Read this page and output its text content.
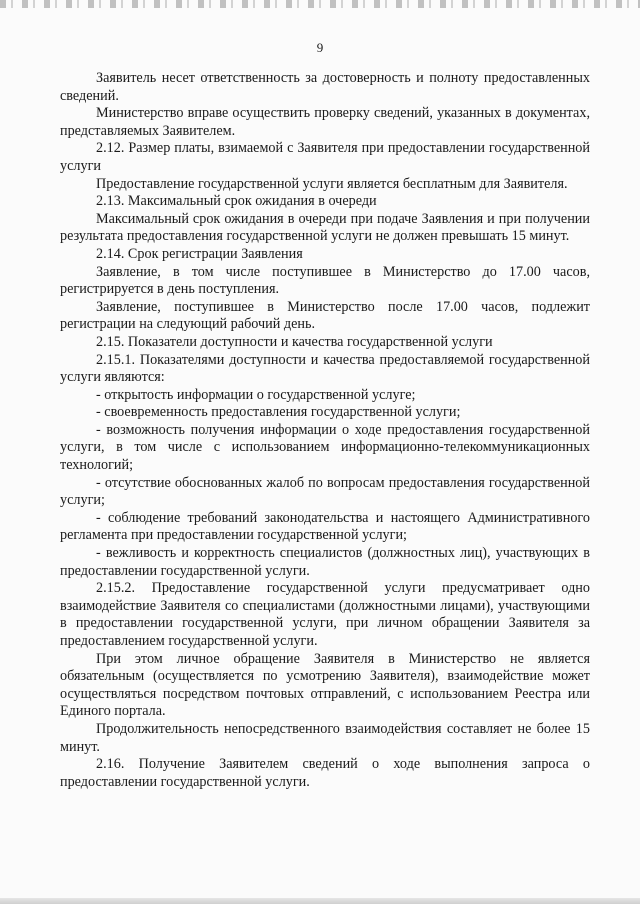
9

Заявитель несет ответственность за достоверность и полноту предоставленных сведений.

Министерство вправе осуществить проверку сведений, указанных в документах, представляемых Заявителем.

2.12. Размер платы, взимаемой с Заявителя при предоставлении государственной услуги

Предоставление государственной услуги является бесплатным для Заявителя.

2.13. Максимальный срок ожидания в очереди

Максимальный срок ожидания в очереди при подаче Заявления и при получении результата предоставления государственной услуги не должен превышать 15 минут.

2.14. Срок регистрации Заявления

Заявление, в том числе поступившее в Министерство до 17.00 часов, регистрируется в день поступления.

Заявление, поступившее в Министерство после 17.00 часов, подлежит регистрации на следующий рабочий день.

2.15. Показатели доступности и качества государственной услуги

2.15.1. Показателями доступности и качества предоставляемой государственной услуги являются:

- открытость информации о государственной услуге;

- своевременность предоставления государственной услуги;

- возможность получения информации о ходе предоставления государственной услуги, в том числе с использованием информационно-телекоммуникационных технологий;

- отсутствие обоснованных жалоб по вопросам предоставления государственной услуги;

- соблюдение требований законодательства и настоящего Административного регламента при предоставлении государственной услуги;

- вежливость и корректность специалистов (должностных лиц), участвующих в предоставлении государственной услуги.

2.15.2. Предоставление государственной услуги предусматривает одно взаимодействие Заявителя со специалистами (должностными лицами), участвующими в предоставлении государственной услуги, при личном обращении Заявителя за предоставлением государственной услуги.

При этом личное обращение Заявителя в Министерство не является обязательным (осуществляется по усмотрению Заявителя), взаимодействие может осуществляться посредством почтовых отправлений, с использованием Реестра или Единого портала.

Продолжительность непосредственного взаимодействия составляет не более 15 минут.

2.16. Получение Заявителем сведений о ходе выполнения запроса о предоставлении государственной услуги.
